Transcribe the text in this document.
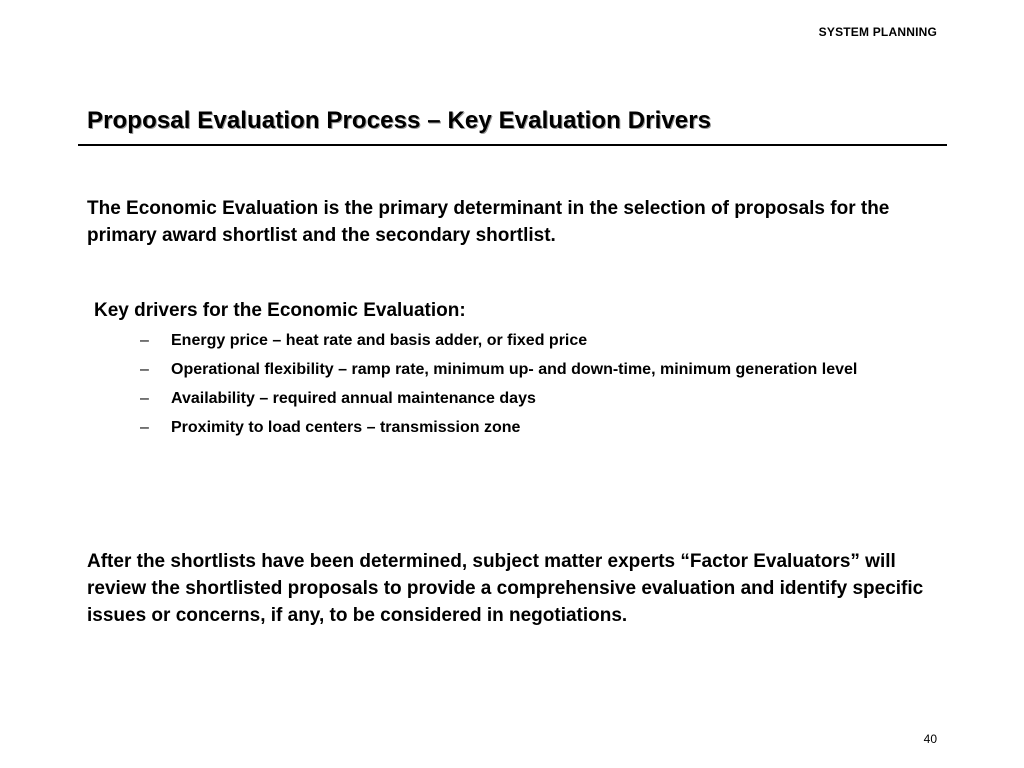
SYSTEM PLANNING
Proposal Evaluation Process – Key Evaluation Drivers
The Economic Evaluation is the primary determinant in the selection of proposals for the primary award shortlist and the secondary shortlist.
Key drivers for the Economic Evaluation:
– Energy price – heat rate and basis adder, or fixed price
– Operational flexibility – ramp rate, minimum up- and down-time, minimum generation level
– Availability – required annual maintenance days
– Proximity to load centers – transmission zone
After the shortlists have been determined, subject matter experts “Factor Evaluators” will review the shortlisted proposals to provide a comprehensive evaluation and identify specific issues or concerns, if any, to be considered in negotiations.
40
